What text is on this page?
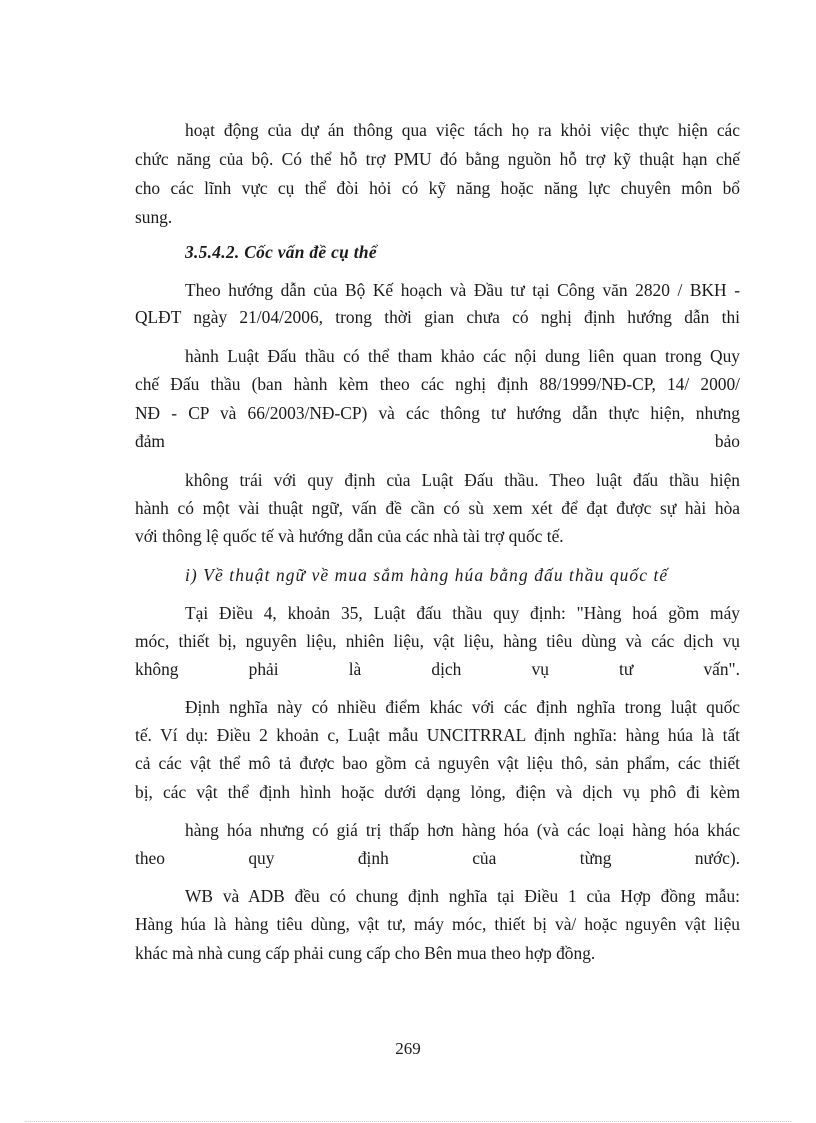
hoạt động của dự án thông qua việc tách họ ra khỏi việc thực hiện các
chức năng của bộ. Có thể hỗ trợ PMU đó bằng nguồn hỗ trợ kỹ thuật hạn chế
cho các lĩnh vực cụ thể đòi hỏi có kỹ năng hoặc năng lực chuyên môn bổ
sung.
3.5.4.2. Cốc vấn đề cụ thể
Theo hướng dẫn của Bộ Kế hoạch và Đầu tư tại Công văn 2820 / BKH -
QLĐT ngày 21/04/2006, trong thời gian chưa có nghị định hướng dẫn thi
hành Luật Đấu thầu có thể tham khảo các nội dung liên quan trong Quy
chế Đấu thầu (ban hành kèm theo các nghị định 88/1999/NĐ-CP, 14/ 2000/
NĐ - CP và 66/2003/NĐ-CP) và các thông tư hướng dẫn thực hiện, nhưng
đảm bảo
không trái với quy định của Luật Đấu thầu. Theo luật đấu thầu hiện
hành có một vài thuật ngữ, vấn đề cần có sù xem xét để đạt được sự hài hòa
với thông lệ quốc tế và hướng dẫn của các nhà tài trợ quốc tế.
i) Về thuật ngữ về mua sắm hàng húa bằng đấu thầu quốc tế
Tại Điều 4, khoản 35, Luật đấu thầu quy định: "Hàng hoá gồm máy
móc, thiết bị, nguyên liệu, nhiên liệu, vật liệu, hàng tiêu dùng và các dịch vụ
không phải là dịch vụ tư vấn".
Định nghĩa này có nhiều điểm khác với các định nghĩa trong luật quốc
tế. Ví dụ: Điều 2 khoản c, Luật mẫu UNCITRRAL định nghĩa: hàng húa là tất
cả các vật thể mô tả được bao gồm cả nguyên vật liệu thô, sản phẩm, các thiết
bị, các vật thể định hình hoặc dưới dạng lỏng, điện và dịch vụ phô đi kèm
hàng hóa nhưng có giá trị thấp hơn hàng hóa (và các loại hàng hóa khác
theo quy định của từng nước).
WB và ADB đều có chung định nghĩa tại Điều 1 của Hợp đồng mẫu:
Hàng húa là hàng tiêu dùng, vật tư, máy móc, thiết bị và/ hoặc nguyên vật liệu
khác mà nhà cung cấp phải cung cấp cho Bên mua theo hợp đồng.
269
